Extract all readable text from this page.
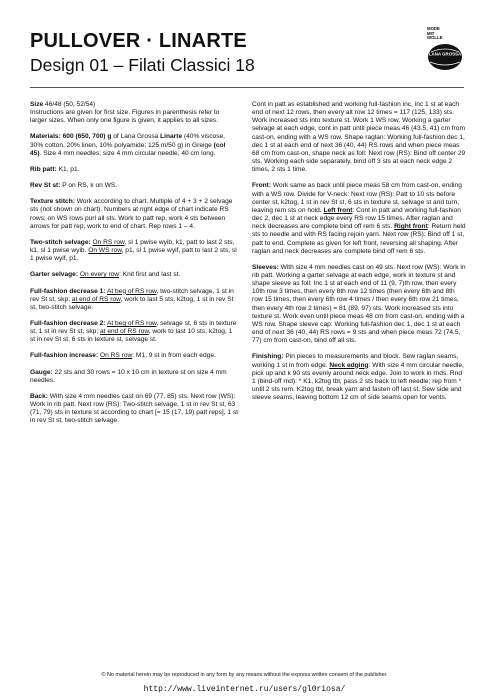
PULLOVER · LINARTE
Design 01 – Filati Classici 18
MODE
MIT
WOLLE
LANA GROSSA

Size 46/48 (50, 52/54)
Instructions are given for first size. Figures in parenthesis refer to larger sizes. When only one figure is given, it applies to all sizes.

Materials: 600 (650, 700) g of Lana Grossa Linarte (40% viscose, 30% cotton, 20% linen, 10% polyamide; 125 m/50 g) in Greige (col 45). Size 4 mm needles; size 4 mm circular needle, 40 cm long.

Rib patt: K1, p1.

Rev St st: P on RS, k on WS.

Texture stitch: Work according to chart. Multiple of 4 + 3 + 2 selvage sts (not shown on chart). Numbers at right edge of chart indicate RS rows; on WS rows purl all sts. Work to patt rep, work 4 sts between arrows for patt rep, work to end of chart. Rep rows 1 – 4.

Two-stitch selvage: On RS row, sl 1 pwise wyib, k1, patt to last 2 sts, k1, sl 1 pwise wyib. On WS row, p1, sl 1 pwise wyif, patt to last 2 sts, sl 1 pwise wyif, p1.

Garter selvage: On every row: Knit first and last st.

Full-fashion decrease 1: At beg of RS row, two-stitch selvage, 1 st in rev St st, skp; at end of RS row, work to last 5 sts, k2tog, 1 st in rev St st, two-stitch selvage.

Full-fashion decrease 2: At beg of RS row, selvage st, 6 sts in texture st, 1 st in rev St st, skp; at end of RS row, work to last 10 sts, k2tog, 1 st in rev St st, 6 sts in texture st, selvage st.

Full-fashion increase: On RS row: M1, 9 st in from each edge.

Gauge: 22 sts and 30 rows = 10 x 10 cm in texture st on size 4 mm needles.

Back: With size 4 mm needles cast on 69 (77, 85) sts. Next row (WS): Work in rib patt. Next row (RS): Two-stitch selvage, 1 st in rev St st, 63 (71, 79) sts in texture st according to chart [= 15 (17, 19) patt reps], 1 st in rev St st, two-stitch selvage.

Cont in patt as established and working full-fashion inc, inc 1 st at each end of next 12 rows, then every alt row 12 times = 117 (125, 133) sts. Work increased sts into texture st. Work 1 WS row. Working a garter selvage at each edge, cont in patt until piece meas 46 (43.5, 41) cm from cast-on, ending with a WS row. Shape raglan: Working full-fashion dec 1, dec 1 st at each end of next 36 (40, 44) RS rows and when piece meas 68 cm from cast-on, shape neck as foll: Next row (RS): Bind off center 29 sts. Working each side separately, bind off 3 sts at each neck edge 2 times, 2 sts 1 time.

Front: Work same as back until piece meas 58 cm from cast-on, ending with a WS row. Divide for V-neck: Next row (RS): Patt to 10 sts before center st, k2tog, 1 st in rev St st, 6 sts in texture st, selvage st and turn, leaving rem sts on hold. Left front: Cont in patt and working full-fashion dec 2, dec 1 st at neck edge every RS row 15 times. After raglan and neck decreases are complete bind off rem 6 sts. Right front: Return held sts to needle and with RS facing rejoin yarn. Next row (RS): Bind off 1 st, patt to end. Complete as given for left front, reversing all shaping. After raglan and neck decreases are complete bind off rem 6 sts.

Sleeves: With size 4 mm needles cast on 49 sts. Next row (WS): Work in rib patt. Working a garter selvage at each edge, work in texture st and shape sleeve as foll: Inc 1 st at each end of 11 (9, 7)th row, then every 10th row 3 times, then every 8th row 12 times (then every 6th and 8th row 15 times, then every 6th row 4 times / then every 6th row 21 times, then every 4th row 2 times) = 81 (89, 97) sts. Work increased sts into texture st. Work even until piece meas 48 cm from cast-on, ending with a WS row. Shape sleeve cap: Working full-fashion dec 1, dec 1 st at each end of next 36 (40, 44) RS rows = 9 sts and when piece meas 72 (74.5, 77) cm from cast-on, bind off all sts.

Finishing: Pin pieces to measurements and block. Sew raglan seams, working 1 st in from edge. Neck edging: With size 4 mm circular needle, pick up and k 90 sts evenly around neck edge. Join to work in rnds. Rnd 1 (bind-off rnd): * K1, k2tog tbl, pass 2 sts back to left needle; rep from * until 2 sts rem. K2tog tbl, break yarn and fasten off last st. Sew side and sleeve seams, leaving bottom 12 cm of side seams open for vents.

© No material herein may be reproduced in any form by any means without the express written consent of the publisher.
http://www.liveinternet.ru/users/gl0riosa/
